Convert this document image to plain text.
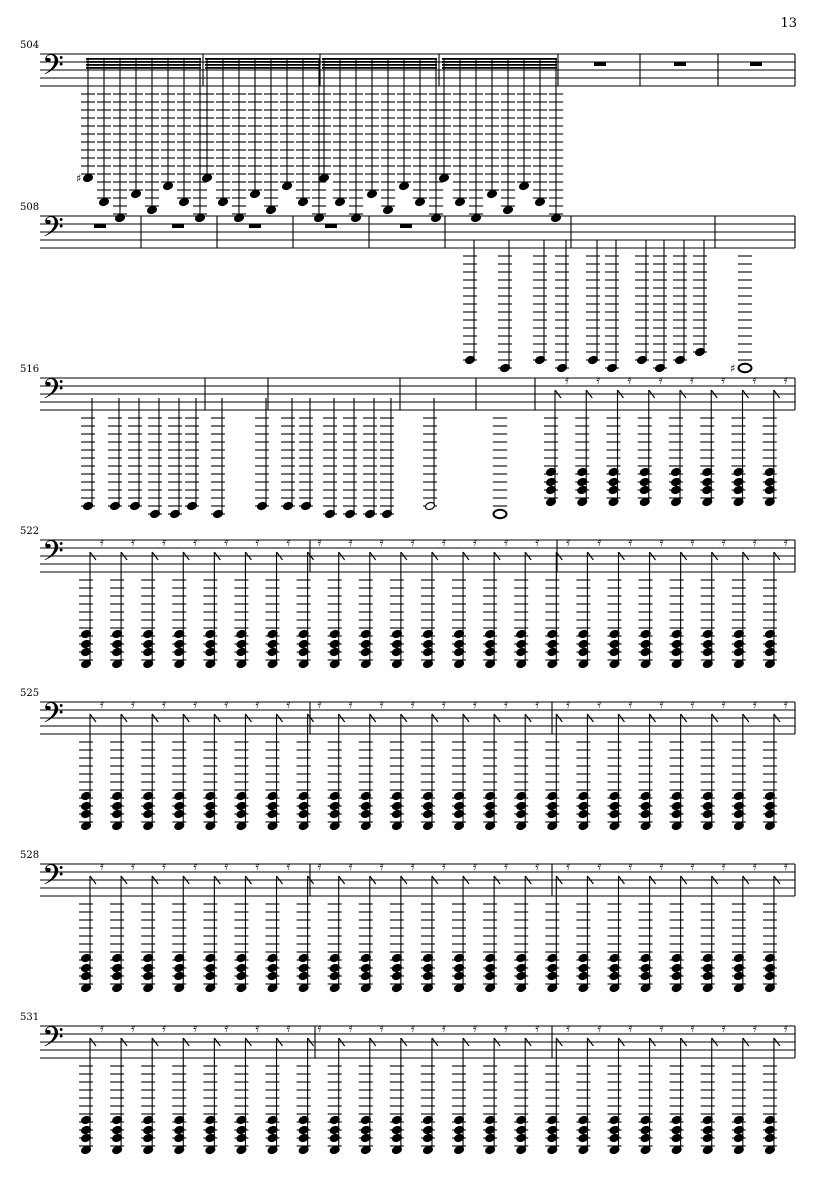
13
504
508
516
522
525
528
531
𝄢
♯
𝄢
♯
𝄢	𝄿 𝄿 𝄿 𝄿 𝄿 𝄿 𝄿 𝄿
𝄢	𝄿 𝄿 𝄿 𝄿 𝄿 𝄿 𝄿 𝄿 𝄿 𝄿 𝄿 𝄿 𝄿 𝄿 𝄿 𝄿 𝄿 𝄿 𝄿 𝄿 𝄿 𝄿 𝄿
𝄢	𝄿 𝄿 𝄿 𝄿 𝄿 𝄿 𝄿 𝄿 𝄿 𝄿 𝄿 𝄿 𝄿 𝄿 𝄿 𝄿 𝄿 𝄿 𝄿 𝄿 𝄿 𝄿 𝄿
𝄢	𝄿 𝄿 𝄿 𝄿 𝄿 𝄿 𝄿 𝄿 𝄿 𝄿 𝄿 𝄿 𝄿 𝄿 𝄿 𝄿 𝄿 𝄿 𝄿 𝄿 𝄿 𝄿 𝄿
𝄢	𝄿 𝄿 𝄿 𝄿 𝄿 𝄿 𝄿 𝄿 𝄿 𝄿 𝄿 𝄿 𝄿 𝄿 𝄿 𝄿 𝄿 𝄿 𝄿 𝄿 𝄿 𝄿 𝄿
